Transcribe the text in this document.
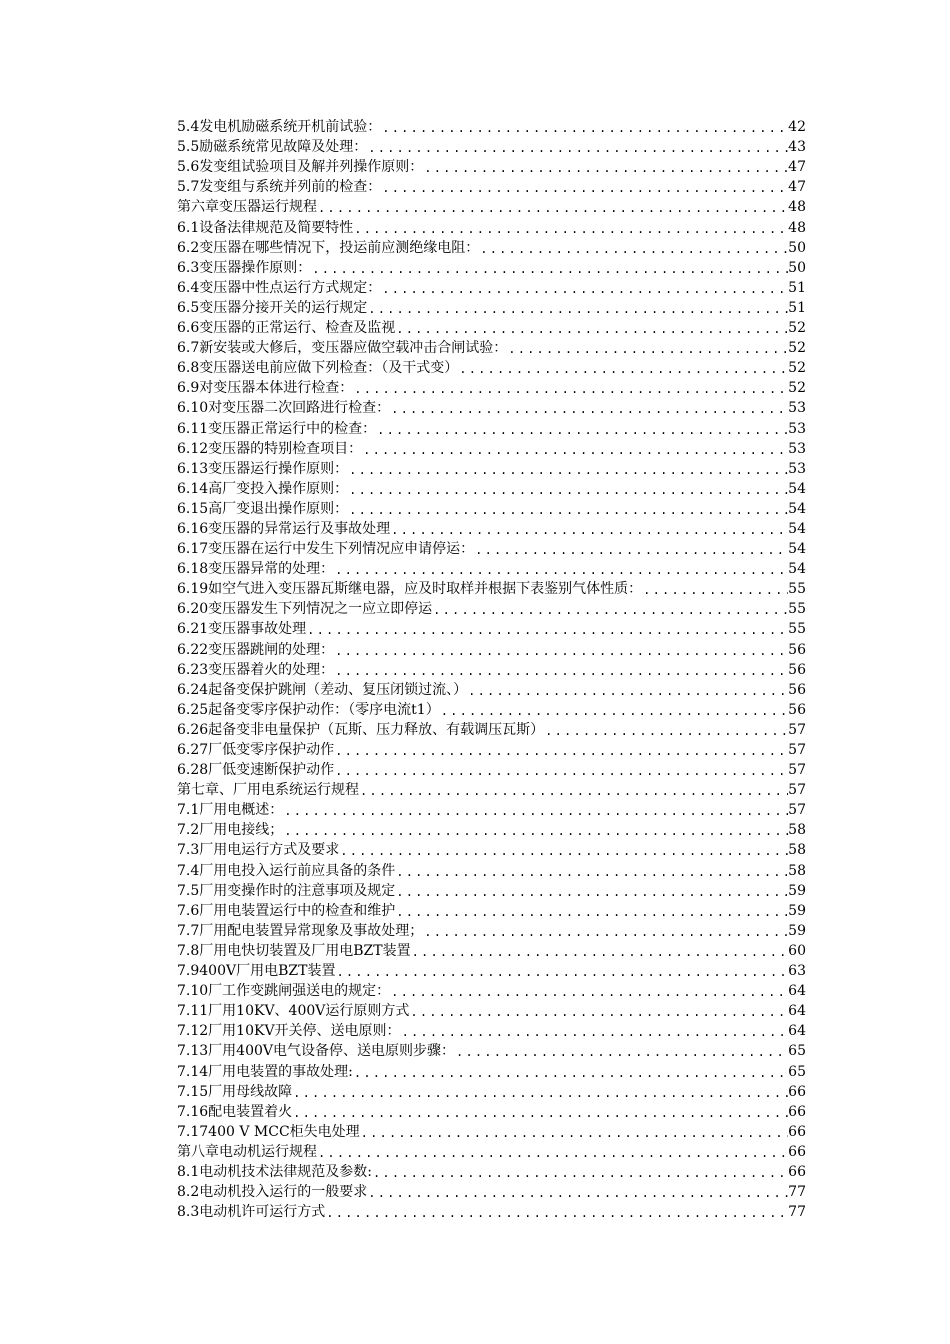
5.4发电机励磁系统开机前试验： .....	42
5.5励磁系统常见故障及处理： .....	43
5.6发变组试验项目及解并列操作原则： .....	47
5.7发变组与系统并列前的检查： .....	47
第六章变压器运行规程 .....	48
6.1设备法律规范及简要特性 .....	48
6.2变压器在哪些情况下，投运前应测绝缘电阻： .....	50
6.3变压器操作原则： .....	50
6.4变压器中性点运行方式规定： .....	51
6.5变压器分接开关的运行规定 .....	51
6.6变压器的正常运行、检查及监视 .....	52
6.7新安装或大修后，变压器应做空载冲击合闸试验： .....	52
6.8变压器送电前应做下列检查：（及干式变） .....	52
6.9对变压器本体进行检查： .....	52
6.10对变压器二次回路进行检查： .....	53
6.11变压器正常运行中的检查： .....	53
6.12变压器的特别检查项目： .....	53
6.13变压器运行操作原则： .....	53
6.14高厂变投入操作原则： .....	54
6.15高厂变退出操作原则： .....	54
6.16变压器的异常运行及事故处理 .....	54
6.17变压器在运行中发生下列情况应申请停运： .....	54
6.18变压器异常的处理： .....	54
6.19如空气进入变压器瓦斯继电器，应及时取样并根据下表鉴别气体性质： .....	55
6.20变压器发生下列情况之一应立即停运 .....	55
6.21变压器事故处理 .....	55
6.22变压器跳闸的处理： .....	56
6.23变压器着火的处理： .....	56
6.24起备变保护跳闸（差动、复压闭锁过流、） .....	56
6.25起备变零序保护动作：（零序电流t1） .....	56
6.26起备变非电量保护（瓦斯、压力释放、有载调压瓦斯） .....	57
6.27厂低变零序保护动作 .....	57
6.28厂低变速断保护动作 .....	57
第七章、厂用电系统运行规程 .....	57
7.1厂用电概述： .....	57
7.2厂用电接线； .....	58
7.3厂用电运行方式及要求 .....	58
7.4厂用电投入运行前应具备的条件 .....	58
7.5厂用变操作时的注意事项及规定 .....	59
7.6厂用电装置运行中的检查和维护 .....	59
7.7厂用配电装置异常现象及事故处理； .....	59
7.8厂用电快切装置及厂用电BZT装置 .....	60
7.9400V厂用电BZT装置 .....	63
7.10厂工作变跳闸强送电的规定： .....	64
7.11厂用10KV、400V运行原则方式 .....	64
7.12厂用10KV开关停、送电原则： .....	64
7.13厂用400V电气设备停、送电原则步骤： .....	65
7.14厂用电装置的事故处理: .....	65
7.15厂用母线故障 .....	66
7.16配电装置着火 .....	66
7.17400 V MCC柜失电处理 .....	66
第八章电动机运行规程 .....	66
8.1电动机技术法律规范及参数: .....	66
8.2电动机投入运行的一般要求 .....	77
8.3电动机许可运行方式 .....	77
